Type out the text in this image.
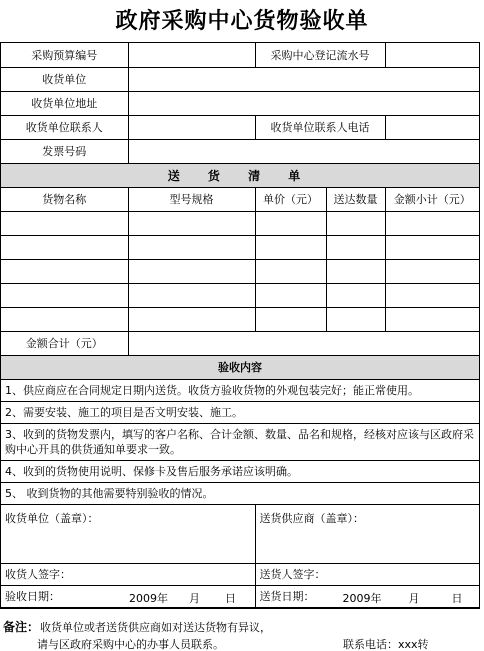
政府采购中心货物验收单
采购预算编号		采购中心登记流水号		
收货单位				
收货单位地址				
收货单位联系人		收货单位联系人电话		
发票号码				
送 货 清 单				
货物名称	型号规格	单价（元）	送达数量	金额小计（元）

金额合计（元）				
验收内容				
1、供应商应在合同规定日期内送货。收货方验收货物的外观包装完好；能正常使用。				
2、需要安装、施工的项目是否文明安装、施工。				
3、收到的货物发票内，填写的客户名称、合计金额、数量、品名和规格，经核对应该与区政府采购中心开具的供货通知单要求一致。				
4、收到的货物使用说明、保修卡及售后服务承诺应该明确。				
5、 收到货物的其他需要特别验收的情况。				
收货单位（盖章）：		送货供应商（盖章）：		
收货人签字：		送货人签字：		
验收日期： 2009年 月 日		送货日期： 2009年 月 日		
备注： 收货单位或者送货供应商如对送达货物有异议，
请与区政府采购中心的办事人员联系。	联系电话：xxx转
